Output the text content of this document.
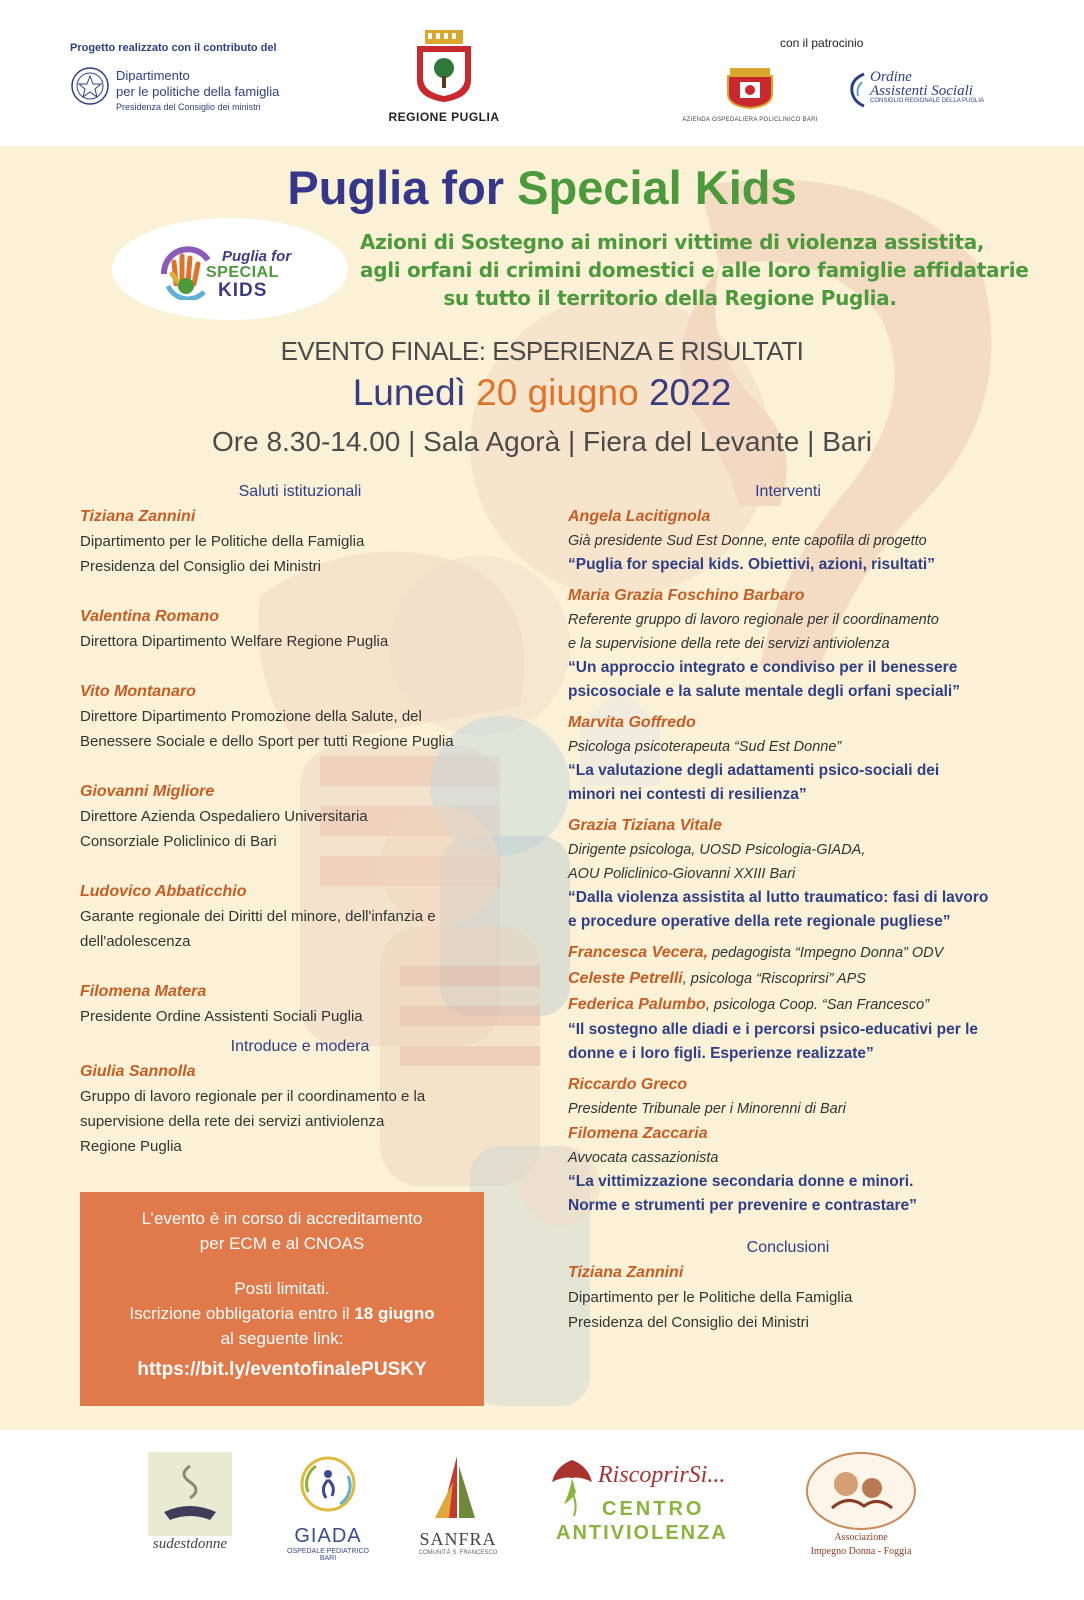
Progetto realizzato con il contributo del
Dipartimento
per le politiche della famiglia
Presidenza del Consiglio dei ministri
REGIONE PUGLIA
con il patrocinio
AZIENDA OSPEDALIERA POLICLINICO BARI
Ordine
Assistenti Sociali
CONSIGLIO REGIONALE DELLA PUGLIA
Puglia for Special Kids
Puglia for
SPECIAL
KIDS
Azioni di Sostegno ai minori vittime di violenza assistita,
agli orfani di crimini domestici e alle loro famiglie affidatarie
su tutto il territorio della Regione Puglia.
EVENTO FINALE: ESPERIENZA E RISULTATI
Lunedì 20 giugno 2022
Ore 8.30-14.00 | Sala Agorà | Fiera del Levante | Bari
Saluti istituzionali
Tiziana Zannini
Dipartimento per le Politiche della Famiglia
Presidenza del Consiglio dei Ministri
Valentina Romano
Direttora Dipartimento Welfare Regione Puglia
Vito Montanaro
Direttore Dipartimento Promozione della Salute, del
Benessere Sociale e dello Sport per tutti Regione Puglia
Giovanni Migliore
Direttore Azienda Ospedaliero Universitaria
Consorziale Policlinico di Bari
Ludovico Abbaticchio
Garante regionale dei Diritti del minore, dell'infanzia e
dell'adolescenza
Filomena Matera
Presidente Ordine Assistenti Sociali Puglia
Introduce e modera
Giulia Sannolla
Gruppo di lavoro regionale per il coordinamento e la
supervisione della rete dei servizi antiviolenza
Regione Puglia
Interventi
Angela Lacitignola
Già presidente Sud Est Donne, ente capofila di progetto
“Puglia for special kids. Obiettivi, azioni, risultati”
Maria Grazia Foschino Barbaro
Referente gruppo di lavoro regionale per il coordinamento
e la supervisione della rete dei servizi antiviolenza
“Un approccio integrato e condiviso per il benessere
psicosociale e la salute mentale degli orfani speciali”
Marvita Goffredo
Psicologa psicoterapeuta “Sud Est Donne”
“La valutazione degli adattamenti psico-sociali dei
minori nei contesti di resilienza”
Grazia Tiziana Vitale
Dirigente psicologa, UOSD Psicologia-GIADA,
AOU Policlinico-Giovanni XXIII Bari
“Dalla violenza assistita al lutto traumatico: fasi di lavoro
e procedure operative della rete regionale pugliese”
Francesca Vecera, pedagogista “Impegno Donna” ODV
Celeste Petrelli, psicologa “Riscoprirsi” APS
Federica Palumbo, psicologa Coop. “San Francesco”
“Il sostegno alle diadi e i percorsi psico-educativi per le
donne e i loro figli. Esperienze realizzate”
Riccardo Greco
Presidente Tribunale per i Minorenni di Bari
Filomena Zaccaria
Avvocata cassazionista
“La vittimizzazione secondaria donne e minori.
Norme e strumenti per prevenire e contrastare”
Conclusioni
Tiziana Zannini
Dipartimento per le Politiche della Famiglia
Presidenza del Consiglio dei Ministri
L’evento è in corso di accreditamento
per ECM e al CNOAS
Posti limitati.
Iscrizione obbligatoria entro il 18 giugno
al seguente link:
https://bit.ly/eventofinalePUSKY
sudestdonne	GIADA
OSPEDALE PEDIATRICO BARI
SANFRA
COMUNITÀ S. FRANCESCO
RiscoprirSi...
CENTRO
ANTIVIOLENZA	Associazione
Impegno Donna - Foggia
